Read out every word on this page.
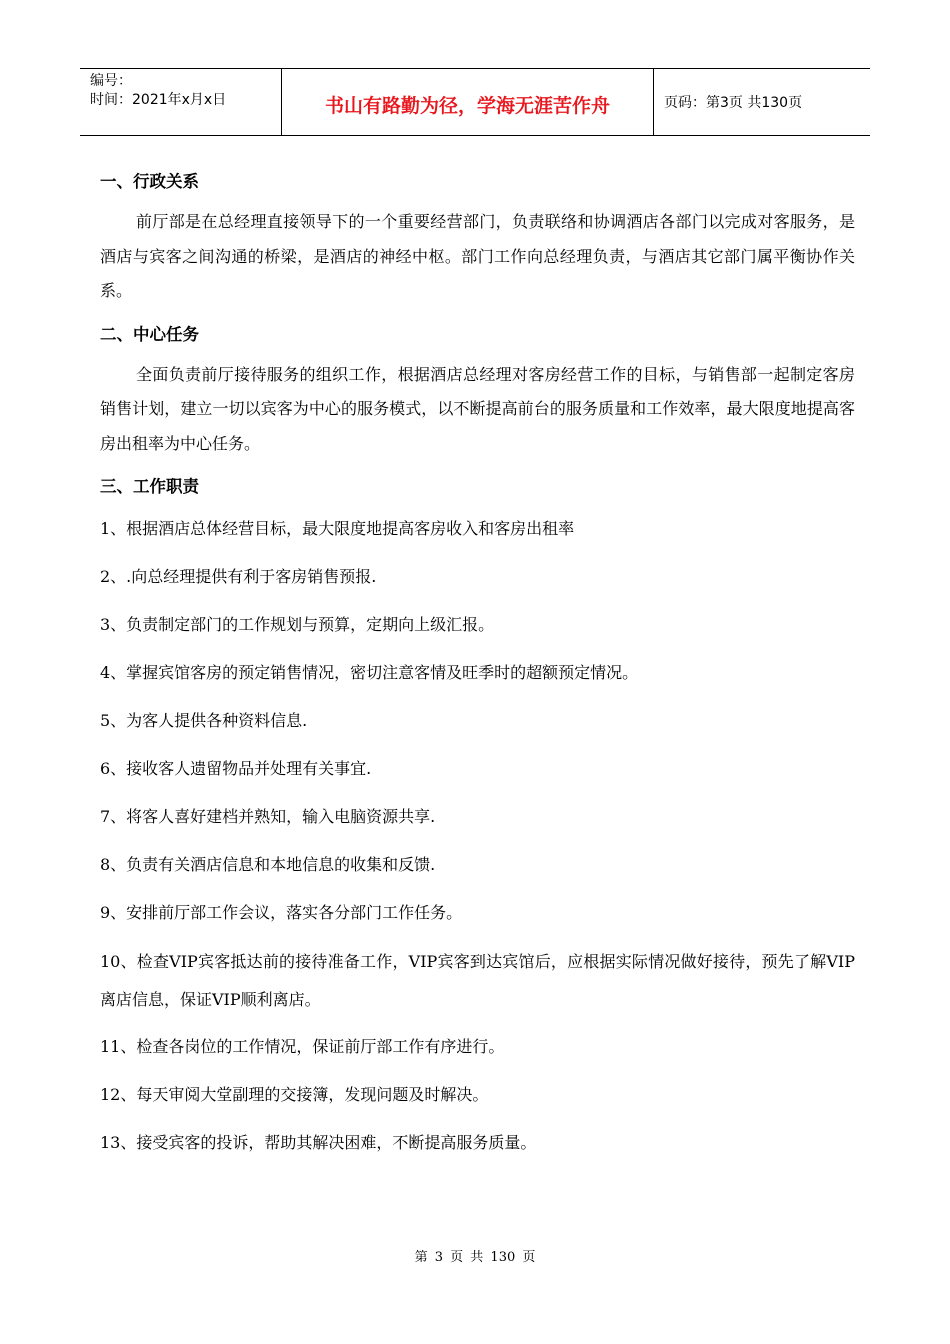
编号：
时间：2021年x月x日	书山有路勤为径，学海无涯苦作舟	页码：第3页 共130页
一、行政关系

前厅部是在总经理直接领导下的一个重要经营部门，负责联络和协调酒店各部门以完成对客服务，是酒店与宾客之间沟通的桥梁，是酒店的神经中枢。部门工作向总经理负责，与酒店其它部门属平衡协作关系。

二、中心任务

全面负责前厅接待服务的组织工作，根据酒店总经理对客房经营工作的目标，与销售部一起制定客房销售计划，建立一切以宾客为中心的服务模式，以不断提高前台的服务质量和工作效率，最大限度地提高客房出租率为中心任务。

三、工作职责

1、根据酒店总体经营目标，最大限度地提高客房收入和客房出租率

2、.向总经理提供有利于客房销售预报.

3、负责制定部门的工作规划与预算，定期向上级汇报。

4、掌握宾馆客房的预定销售情况，密切注意客情及旺季时的超额预定情况。

5、为客人提供各种资料信息.

6、接收客人遗留物品并处理有关事宜.

7、将客人喜好建档并熟知，输入电脑资源共享.

8、负责有关酒店信息和本地信息的收集和反馈.

9、安排前厅部工作会议，落实各分部门工作任务。

10、检查VIP宾客抵达前的接待准备工作，VIP宾客到达宾馆后，应根据实际情况做好接待，预先了解VIP离店信息，保证VIP顺利离店。

11、检查各岗位的工作情况，保证前厅部工作有序进行。

12、每天审阅大堂副理的交接簿，发现问题及时解决。

13、接受宾客的投诉，帮助其解决困难，不断提高服务质量。

第 3 页 共 130 页
